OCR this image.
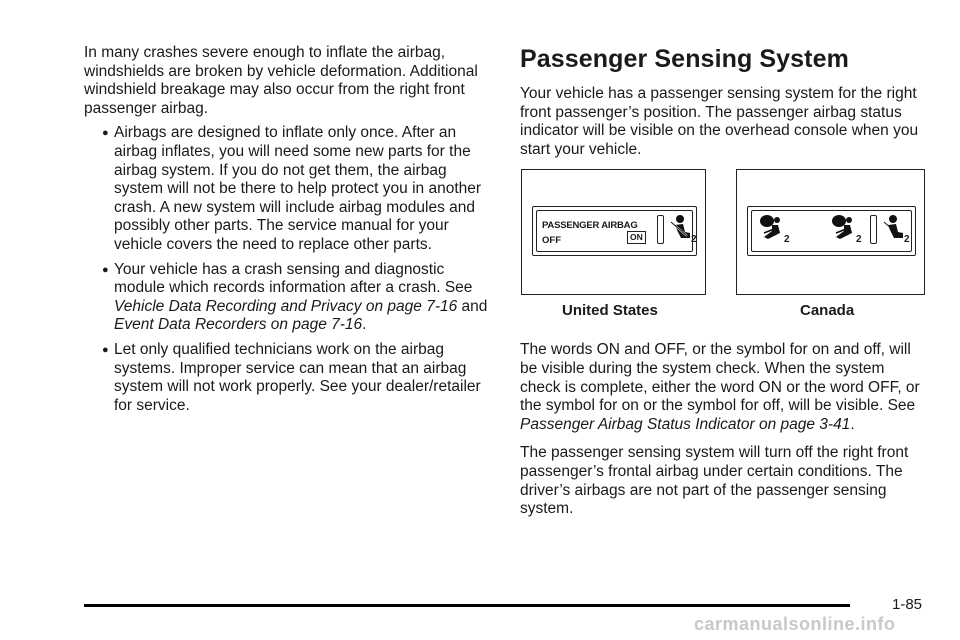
In many crashes severe enough to inflate the airbag, windshields are broken by vehicle deformation. Additional windshield breakage may also occur from the right front passenger airbag.

● Airbags are designed to inflate only once. After an
airbag inflates, you will need some new parts for the airbag system. If you do not get them, the airbag system will not be there to help protect you in another crash. A new system will include airbag modules and possibly other parts. The service manual for your vehicle covers the need to replace other parts.
● Your vehicle has a crash sensing and diagnostic
module which records information after a crash. See Vehicle Data Recording and Privacy on page 7-16 and Event Data Recorders on page 7-16.
● Let only qualified technicians work on the airbag
systems. Improper service can mean that an airbag system will not work properly. See your dealer/retailer for service.
Passenger Sensing System

Your vehicle has a passenger sensing system for the right front passenger’s position. The passenger airbag status indicator will be visible on the overhead console when you start your vehicle.

PASSENGER AIRBAG
OFF	ON	2	2	2	2
United States	Canada

The words ON and OFF, or the symbol for on and off, will be visible during the system check. When the system check is complete, either the word ON or the word OFF, or the symbol for on or the symbol for off, will be visible. See Passenger Airbag Status Indicator on page 3-41.

The passenger sensing system will turn off the right front passenger’s frontal airbag under certain conditions. The driver’s airbags are not part of the passenger sensing system.

1-85
carmanualsonline.info
